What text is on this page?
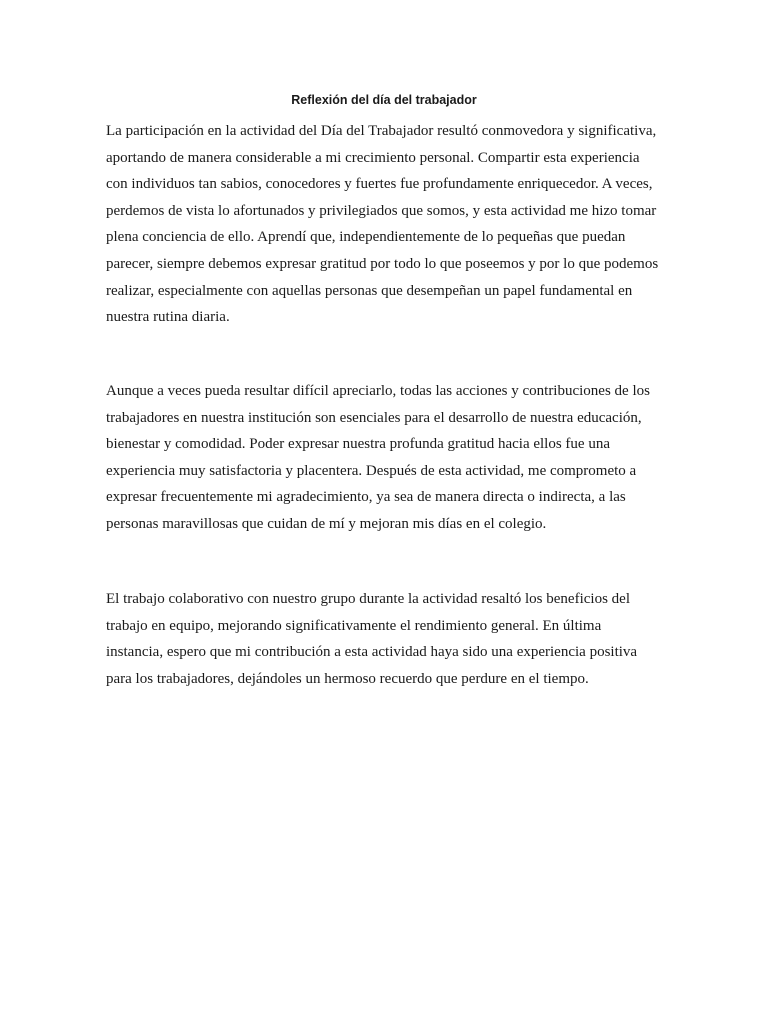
Reflexión del día del trabajador

La participación en la actividad del Día del Trabajador resultó conmovedora y significativa,
aportando de manera considerable a mi crecimiento personal. Compartir esta experiencia
con individuos tan sabios, conocedores y fuertes fue profundamente enriquecedor. A veces,
perdemos de vista lo afortunados y privilegiados que somos, y esta actividad me hizo tomar
plena conciencia de ello. Aprendí que, independientemente de lo pequeñas que puedan
parecer, siempre debemos expresar gratitud por todo lo que poseemos y por lo que podemos
realizar, especialmente con aquellas personas que desempeñan un papel fundamental en
nuestra rutina diaria.

Aunque a veces pueda resultar difícil apreciarlo, todas las acciones y contribuciones de los
trabajadores en nuestra institución son esenciales para el desarrollo de nuestra educación,
bienestar y comodidad. Poder expresar nuestra profunda gratitud hacia ellos fue una
experiencia muy satisfactoria y placentera. Después de esta actividad, me comprometo a
expresar frecuentemente mi agradecimiento, ya sea de manera directa o indirecta, a las
personas maravillosas que cuidan de mí y mejoran mis días en el colegio.

El trabajo colaborativo con nuestro grupo durante la actividad resaltó los beneficios del
trabajo en equipo, mejorando significativamente el rendimiento general. En última
instancia, espero que mi contribución a esta actividad haya sido una experiencia positiva
para los trabajadores, dejándoles un hermoso recuerdo que perdure en el tiempo.
